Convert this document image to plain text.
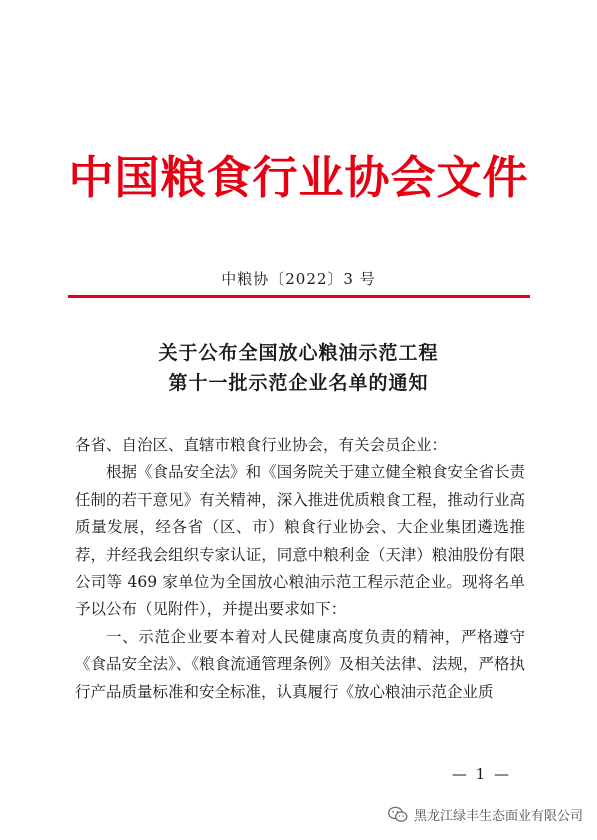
中国粮食行业协会文件
中粮协〔2022〕3 号
关于公布全国放心粮油示范工程
第十一批示范企业名单的通知

各省、自治区、直辖市粮食行业协会，有关会员企业：

根据《食品安全法》和《国务院关于建立健全粮食安全省长责任制的若干意见》有关精神，深入推进优质粮食工程，推动行业高质量发展，经各省（区、市）粮食行业协会、大企业集团遴选推荐，并经我会组织专家认证，同意中粮利金（天津）粮油股份有限公司等 469 家单位为全国放心粮油示范工程示范企业。现将名单予以公布（见附件），并提出要求如下：

一、示范企业要本着对人民健康高度负责的精神，严格遵守《食品安全法》、《粮食流通管理条例》及相关法律、法规，严格执行产品质量标准和安全标准，认真履行《放心粮油示范企业质

— 1 —
黑龙江绿丰生态面业有限公司
